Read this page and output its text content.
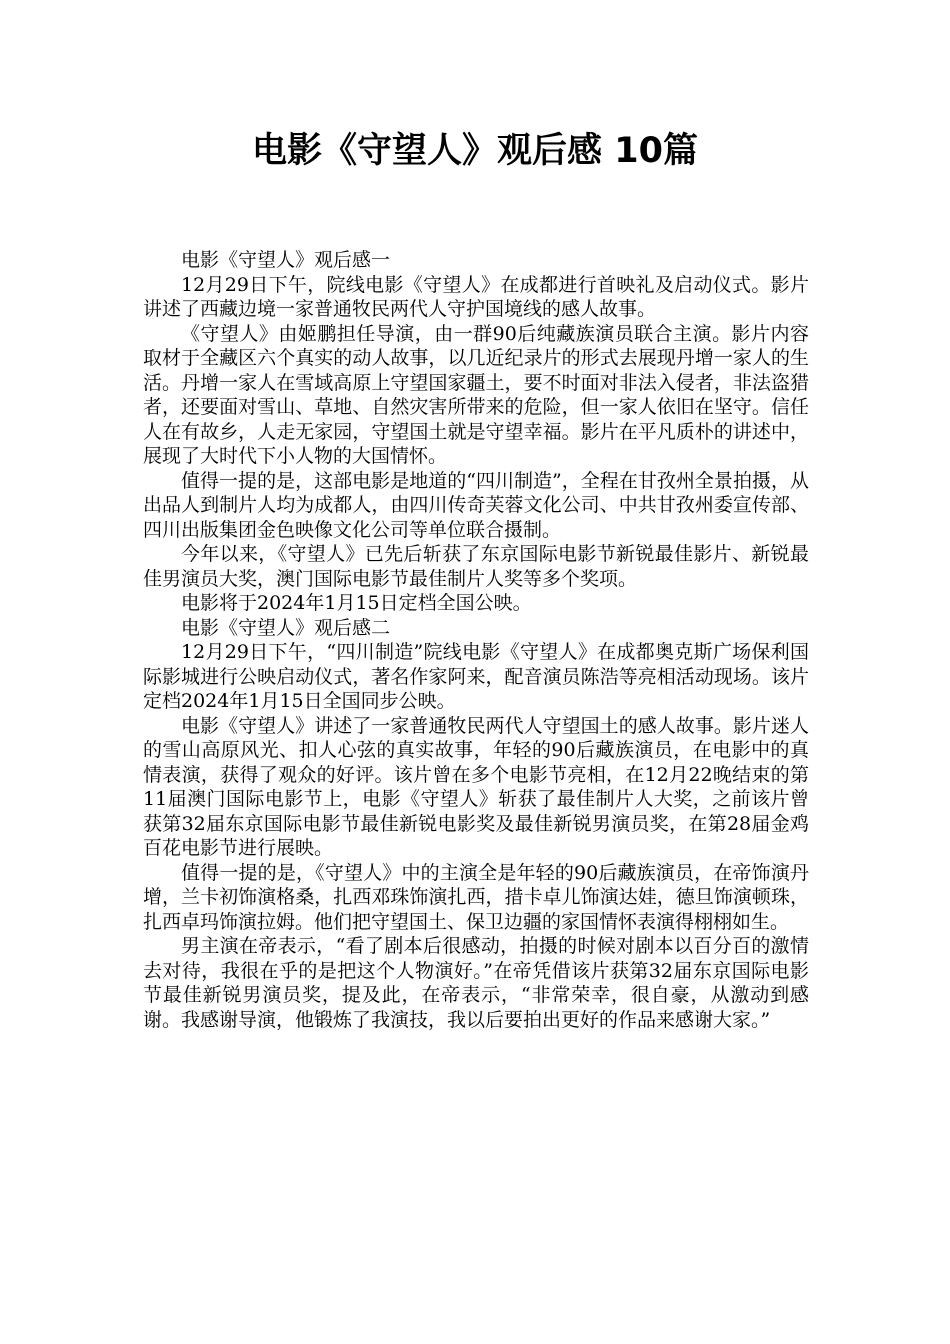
电影《守望人》观后感 10篇

电影《守望人》观后感一

12月29日下午，院线电影《守望人》在成都进行首映礼及启动仪式。影片讲述了西藏边境一家普通牧民两代人守护国境线的感人故事。

《守望人》由姬鹏担任导演，由一群90后纯藏族演员联合主演。影片内容取材于全藏区六个真实的动人故事，以几近纪录片的形式去展现丹增一家人的生活。丹增一家人在雪域高原上守望国家疆土，要不时面对非法入侵者，非法盗猎者，还要面对雪山、草地、自然灾害所带来的危险，但一家人依旧在坚守。信任人在有故乡，人走无家园，守望国土就是守望幸福。影片在平凡质朴的讲述中，展现了大时代下小人物的大国情怀。

值得一提的是，这部电影是地道的“四川制造”，全程在甘孜州全景拍摄，从出品人到制片人均为成都人，由四川传奇芙蓉文化公司、中共甘孜州委宣传部、四川出版集团金色映像文化公司等单位联合摄制。

今年以来，《守望人》已先后斩获了东京国际电影节新锐最佳影片、新锐最佳男演员大奖，澳门国际电影节最佳制片人奖等多个奖项。

电影将于2024年1月15日定档全国公映。

电影《守望人》观后感二

12月29日下午，“四川制造”院线电影《守望人》在成都奥克斯广场保利国际影城进行公映启动仪式，著名作家阿来，配音演员陈浩等亮相活动现场。该片定档2024年1月15日全国同步公映。

电影《守望人》讲述了一家普通牧民两代人守望国土的感人故事。影片迷人的雪山高原风光、扣人心弦的真实故事，年轻的90后藏族演员，在电影中的真情表演，获得了观众的好评。该片曾在多个电影节亮相，在12月22晚结束的第11届澳门国际电影节上，电影《守望人》斩获了最佳制片人大奖，之前该片曾获第32届东京国际电影节最佳新锐电影奖及最佳新锐男演员奖，在第28届金鸡百花电影节进行展映。

值得一提的是，《守望人》中的主演全是年轻的90后藏族演员，在帝饰演丹增，兰卡初饰演格桑，扎西邓珠饰演扎西，措卡卓儿饰演达娃，德旦饰演顿珠，扎西卓玛饰演拉姆。他们把守望国土、保卫边疆的家国情怀表演得栩栩如生。

男主演在帝表示，“看了剧本后很感动，拍摄的时候对剧本以百分百的激情去对待，我很在乎的是把这个人物演好。”在帝凭借该片获第32届东京国际电影节最佳新锐男演员奖，提及此，在帝表示，“非常荣幸，很自豪，从激动到感谢。我感谢导演，他锻炼了我演技，我以后要拍出更好的作品来感谢大家。”
